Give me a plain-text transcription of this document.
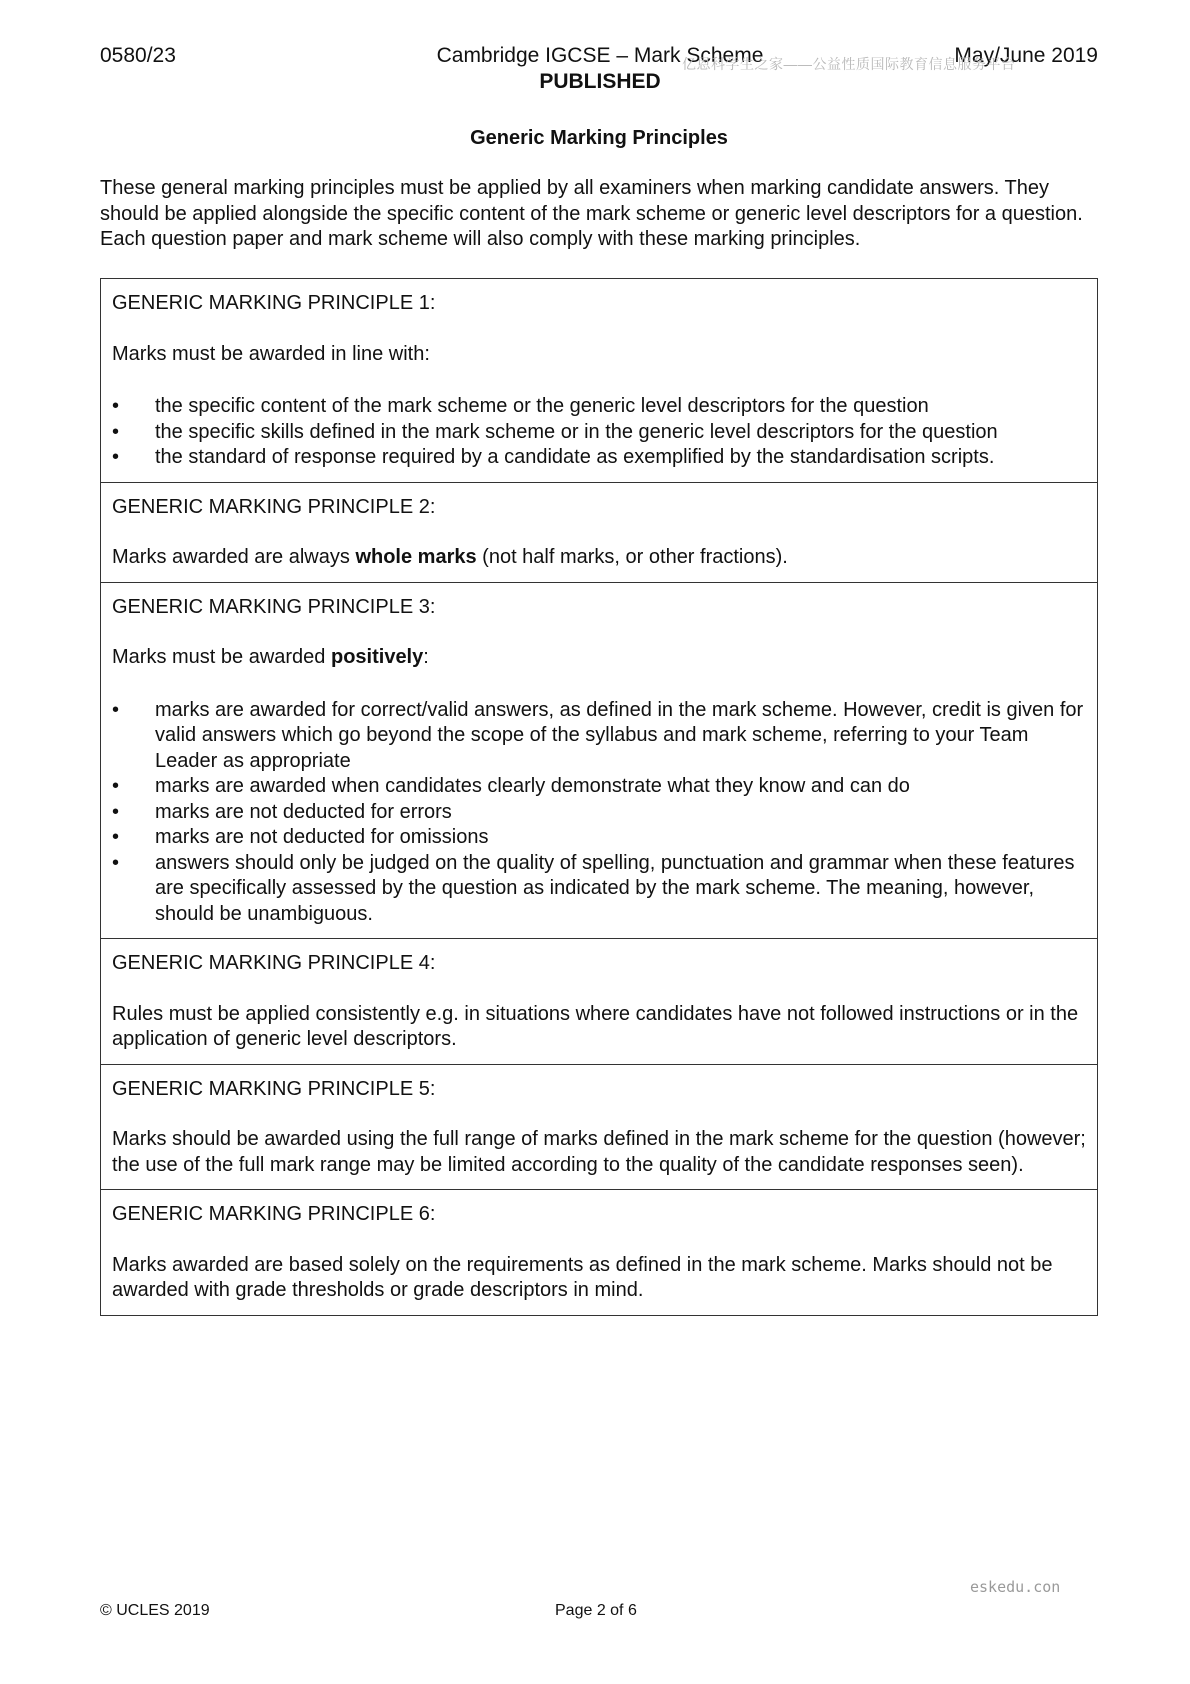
0580/23	Cambridge IGCSE – Mark Scheme
PUBLISHED
May/June 2019
亿恩科学生之家——公益性质国际教育信息服务平台
Generic Marking Principles

These general marking principles must be applied by all examiners when marking candidate answers. They should be applied alongside the specific content of the mark scheme or generic level descriptors for a question. Each question paper and mark scheme will also comply with these marking principles.

GENERIC MARKING PRINCIPLE 1:

Marks must be awarded in line with:

•	the specific content of the mark scheme or the generic level descriptors for the question
•	the specific skills defined in the mark scheme or in the generic level descriptors for the question
•	the standard of response required by a candidate as exemplified by the standardisation scripts.

GENERIC MARKING PRINCIPLE 2:

Marks awarded are always whole marks (not half marks, or other fractions).

GENERIC MARKING PRINCIPLE 3:

Marks must be awarded positively:

•	marks are awarded for correct/valid answers, as defined in the mark scheme. However, credit is given for valid answers which go beyond the scope of the syllabus and mark scheme, referring to your Team Leader as appropriate
•	marks are awarded when candidates clearly demonstrate what they know and can do
•	marks are not deducted for errors
•	marks are not deducted for omissions
•	answers should only be judged on the quality of spelling, punctuation and grammar when these features are specifically assessed by the question as indicated by the mark scheme. The meaning, however, should be unambiguous.

GENERIC MARKING PRINCIPLE 4:

Rules must be applied consistently e.g. in situations where candidates have not followed instructions or in the application of generic level descriptors.

GENERIC MARKING PRINCIPLE 5:

Marks should be awarded using the full range of marks defined in the mark scheme for the question (however; the use of the full mark range may be limited according to the quality of the candidate responses seen).

GENERIC MARKING PRINCIPLE 6:

Marks awarded are based solely on the requirements as defined in the mark scheme. Marks should not be awarded with grade thresholds or grade descriptors in mind.

eskedu.con
© UCLES 2019	Page 2 of 6
